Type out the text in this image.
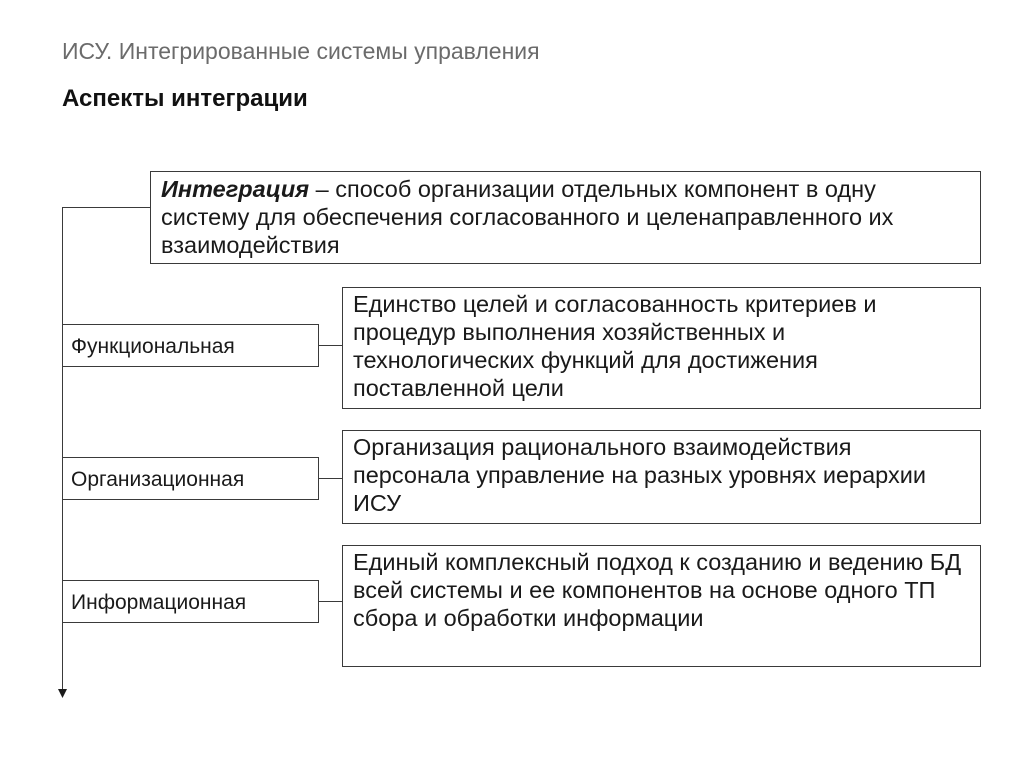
ИСУ. Интегрированные системы управления
Аспекты интеграции
Интеграция – способ организации отдельных компонент в одну систему для обеспечения согласованного и целенаправленного их взаимодействия
Функциональная
Единство целей и согласованность критериев и процедур выполнения хозяйственных и технологических функций для достижения поставленной цели
Организационная
Организация рационального взаимодействия персонала управление на разных уровнях иерархии ИСУ
Информационная
Единый комплексный подход к созданию и ведению БД всей системы и ее компонентов на основе одного ТП сбора и обработки информации
